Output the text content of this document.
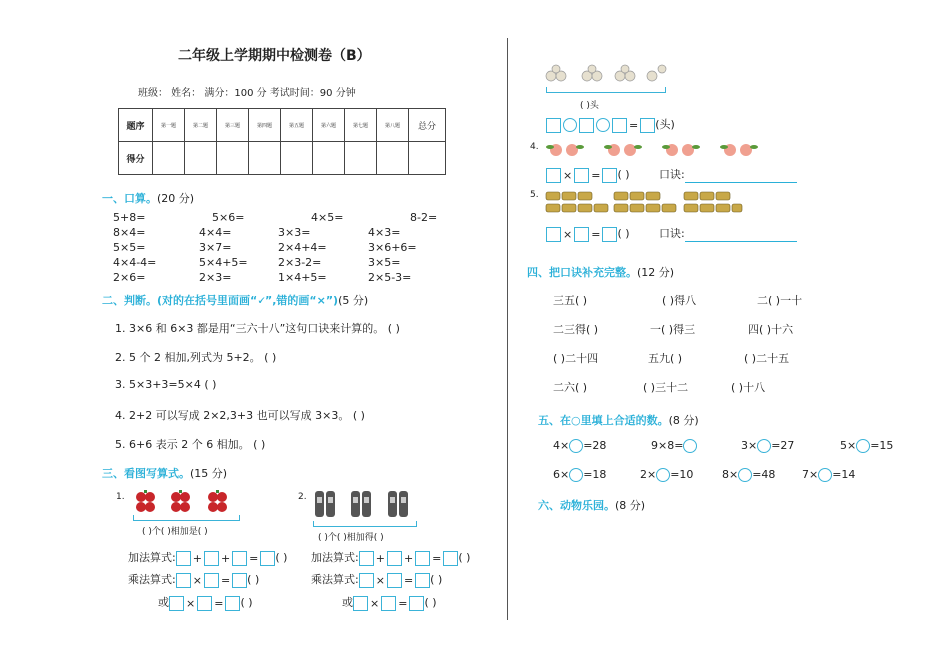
二年级上学期期中检测卷（B）
班级： 姓名： 满分：100 分 考试时间：90 分钟
题序	第一题	第二题	第三题	第四题	第五题	第六题	第七题	第八题	总分
得分									
一、口算。(20 分)
5+8=	5×6=	4×5=	8-2=
8×4=	4×4=	3×3=	4×3=
5×5=	3×7=	2×4+4=	3×6+6=
4×4-4=	5×4+5=	2×3-2=	3×5=
2×6=	2×3=	1×4+5=	2×5-3=
二、判断。(对的在括号里面画“🗸”,错的画“×”)(5 分)
1. 3×6 和 6×3 都是用“三六十八”这句口诀来计算的。 ( )
2. 5 个 2 相加,列式为 5+2。 ( )
3. 5×3+3=5×4 ( )
4. 2+2 可以写成 2×2,3+3 也可以写成 3×3。 ( )
5. 6+6 表示 2 个 6 相加。 ( )
三、看图写算式。(15 分)
1.
( )个( )相加是( )
2.
( )个( )相加得( )
加法算式: + + = ( )
乘法算式: × = ( )
或 × = ( )
加法算式: + + = ( )
乘法算式: × = ( )
或 × = ( )
( )头
= (头)
4.
× = ( )	口诀:
5.
× = ( )	口诀:
四、把口诀补充完整。(12 分)
三五( )	( )得八	二( )一十
二三得( )	一( )得三	四( )十六
( )二十四	五九( )	( )二十五
二六( )	( )三十二	( )十八
五、在○里填上合适的数。(8 分)
4× =28	9×8=	3× =27	5× =15
6× =18	2× =10	8× =48 7× =14
六、动物乐园。(8 分)
